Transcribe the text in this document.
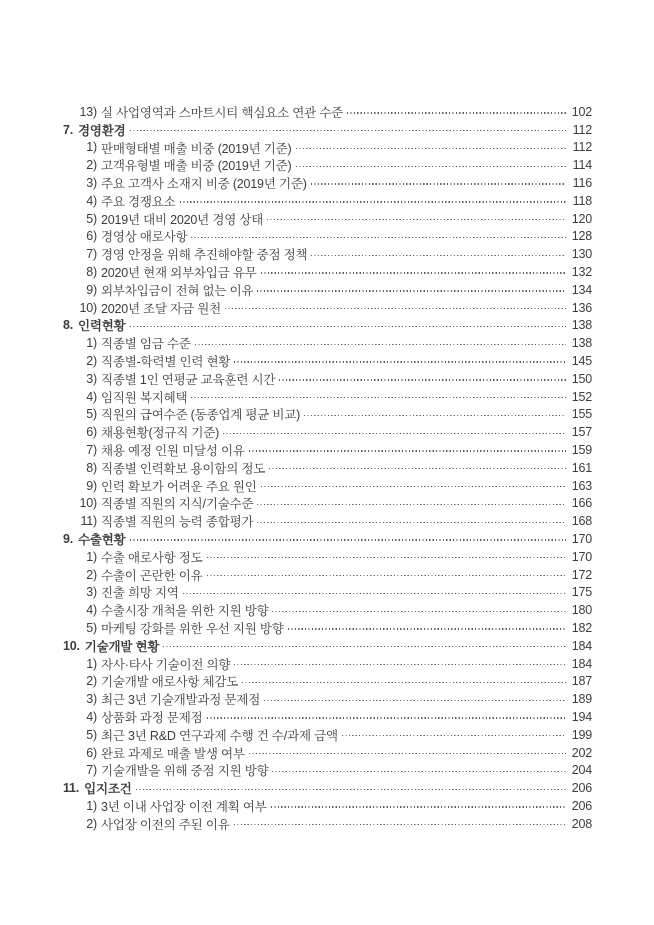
13) 실 사업영역과 스마트시티 핵심요소 연관 수준	102
7. 경영환경	112
1) 판매형태별 매출 비중 (2019년 기준)	112
2) 고객유형별 매출 비중 (2019년 기준)	114
3) 주요 고객사 소재지 비중 (2019년 기준)	116
4) 주요 경쟁요소	118
5) 2019년 대비 2020년 경영 상태	120
6) 경영상 애로사항	128
7) 경영 안정을 위해 추진해야할 중점 정책	130
8) 2020년 현재 외부차입금 유무	132
9) 외부차입금이 전혀 없는 이유	134
10) 2020년 조달 자금 원천	136
8. 인력현황	138
1) 직종별 임금 수준	138
2) 직종별-학력별 인력 현황	145
3) 직종별 1인 연평균 교육훈련 시간	150
4) 임직원 복지혜택	152
5) 직원의 급여수준 (동종업계 평균 비교)	155
6) 채용현황(정규직 기준)	157
7) 채용 예정 인원 미달성 이유	159
8) 직종별 인력확보 용이함의 정도	161
9) 인력 확보가 어려운 주요 원인	163
10) 직종별 직원의 지식/기술수준	166
11) 직종별 직원의 능력 종합평가	168
9. 수출현황	170
1) 수출 애로사항 정도	170
2) 수출이 곤란한 이유	172
3) 진출 희망 지역	175
4) 수출시장 개척을 위한 지원 방향	180
5) 마케팅 강화를 위한 우선 지원 방향	182
10. 기술개발 현황	184
1) 자사·타사 기술이전 의향	184
2) 기술개발 애로사항 체감도	187
3) 최근 3년 기술개발과정 문제점	189
4) 상품화 과정 문제점	194
5) 최근 3년 R&D 연구과제 수행 건 수/과제 금액	199
6) 완료 과제로 매출 발생 여부	202
7) 기술개발을 위해 중점 지원 방향	204
11. 입지조건	206
1) 3년 이내 사업장 이전 계획 여부	206
2) 사업장 이전의 주된 이유	208
